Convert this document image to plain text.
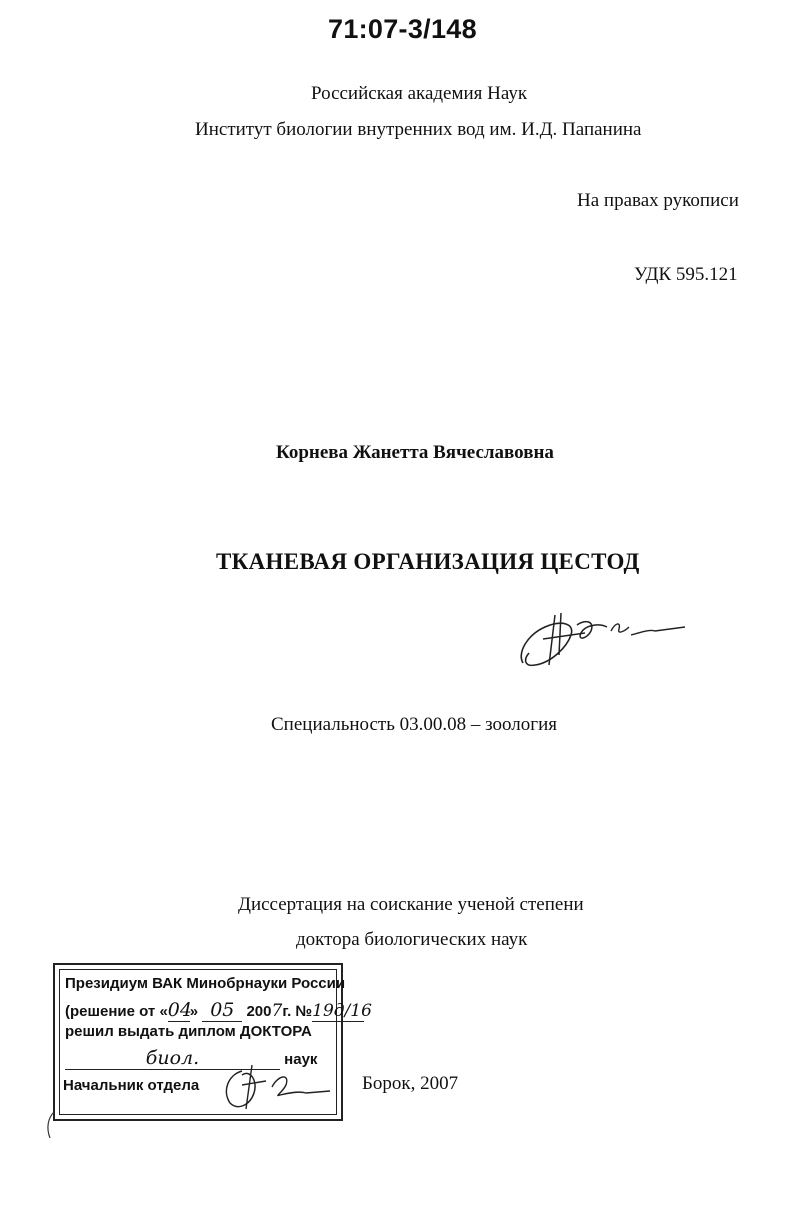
71:07-3/148
Российская академия Наук
Институт биологии внутренних вод им. И.Д. Папанина
На правах рукописи
УДК 595.121
Корнева Жанетта Вячеславовна
ТКАНЕВАЯ ОРГАНИЗАЦИЯ ЦЕСТОД
Специальность 03.00.08 – зоология
Диссертация на соискание ученой степени
доктора биологических наук
Борок, 2007
Президиум ВАК Минобрнауки России
(решение от «04» 05 2007г. №19д/16
решил выдать диплом ДОКТОРА
биол.	наук
Начальник отдела
